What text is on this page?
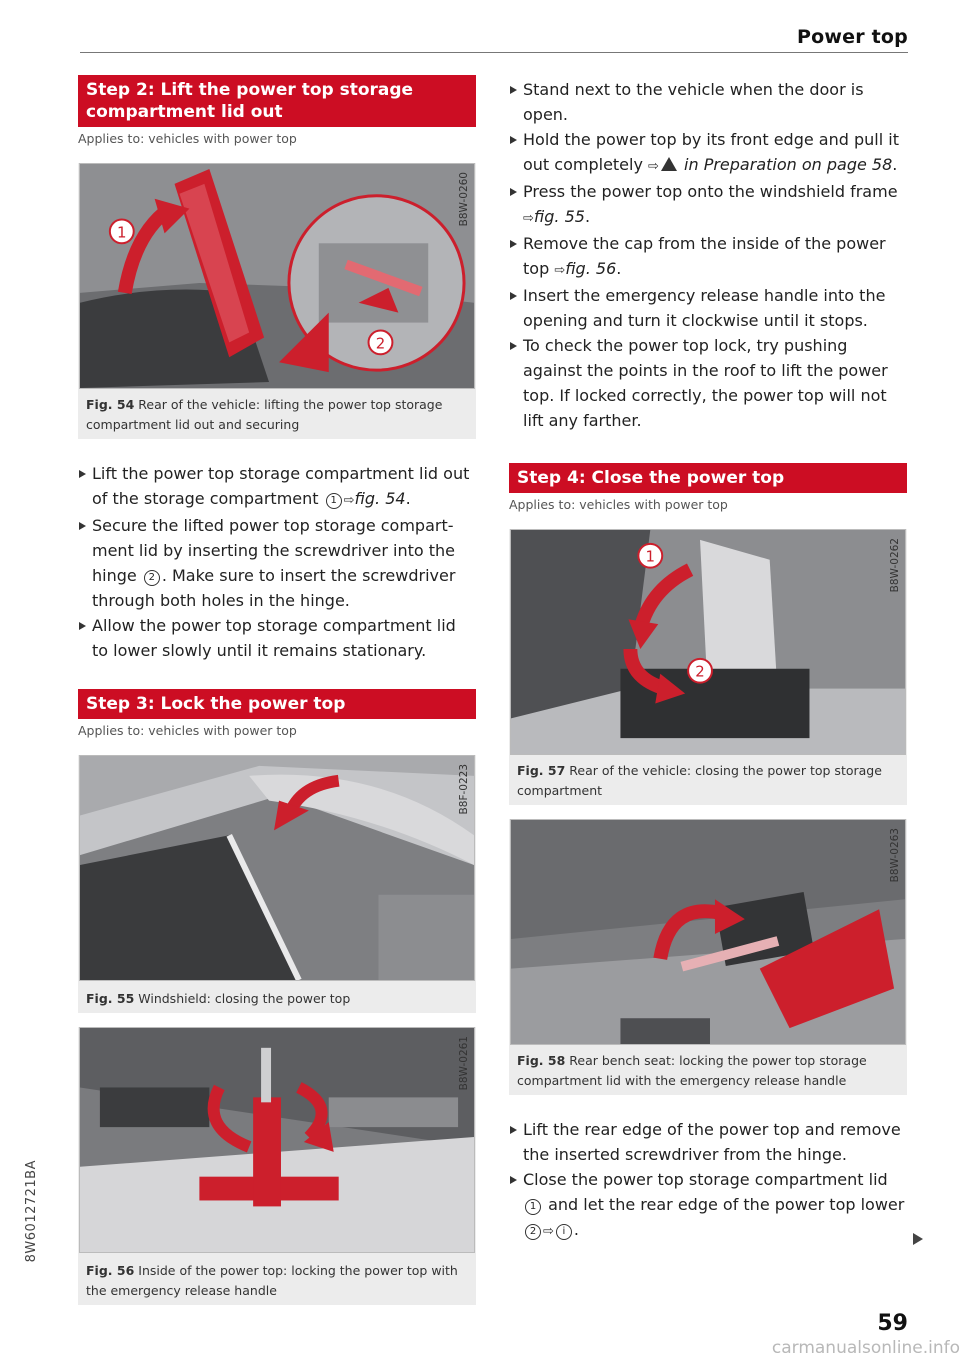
Power top
Step 2: Lift the power top storage compartment lid out
Applies to: vehicles with power top
1
2
B8W-0260
Fig. 54 Rear of the vehicle: lifting the power top storage compartment lid out and securing
Lift the power top storage compartment lid out of the storage compartment 1 ⇨fig. 54.
Secure the lifted power top storage compart-ment lid by inserting the screwdriver into the hinge 2 . Make sure to insert the screwdriver through both holes in the hinge.
Allow the power top storage compartment lid to lower slowly until it remains stationary.
Step 3: Lock the power top
Applies to: vehicles with power top
B8F-0223
Fig. 55 Windshield: closing the power top
B8W-0261
Fig. 56 Inside of the power top: locking the power top with the emergency release handle
Stand next to the vehicle when the door is open.
Hold the power top by its front edge and pull it out completely ⇨ in Preparation on page 58.
Press the power top onto the windshield frame ⇨fig. 55.
Remove the cap from the inside of the power top ⇨fig. 56.
Insert the emergency release handle into the opening and turn it clockwise until it stops.
To check the power top lock, try pushing against the points in the roof to lift the power top. If locked correctly, the power top will not lift any farther.
Step 4: Close the power top
Applies to: vehicles with power top
1
2
B8W-0262
Fig. 57 Rear of the vehicle: closing the power top storage compartment
B8W-0263
Fig. 58 Rear bench seat: locking the power top storage compartment lid with the emergency release handle
Lift the rear edge of the power top and remove the inserted screwdriver from the hinge.
Close the power top storage compartment lid 1 and let the rear edge of the power top lower 2 ⇨ i .
8W6012721BA
59
carmanualsonline.info
